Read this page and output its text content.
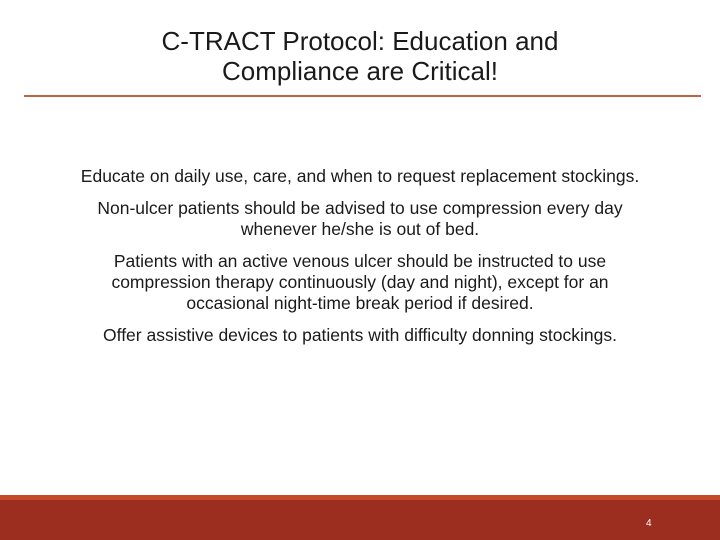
C-TRACT Protocol: Education and
Compliance are Critical!
Educate on daily use, care, and when to request replacement stockings.
Non-ulcer patients should be advised to use compression every day whenever he/she is out of bed.
Patients with an active venous ulcer should be instructed to use compression therapy continuously (day and night), except for an occasional night-time break period if desired.
Offer assistive devices to patients with difficulty donning stockings.
4
